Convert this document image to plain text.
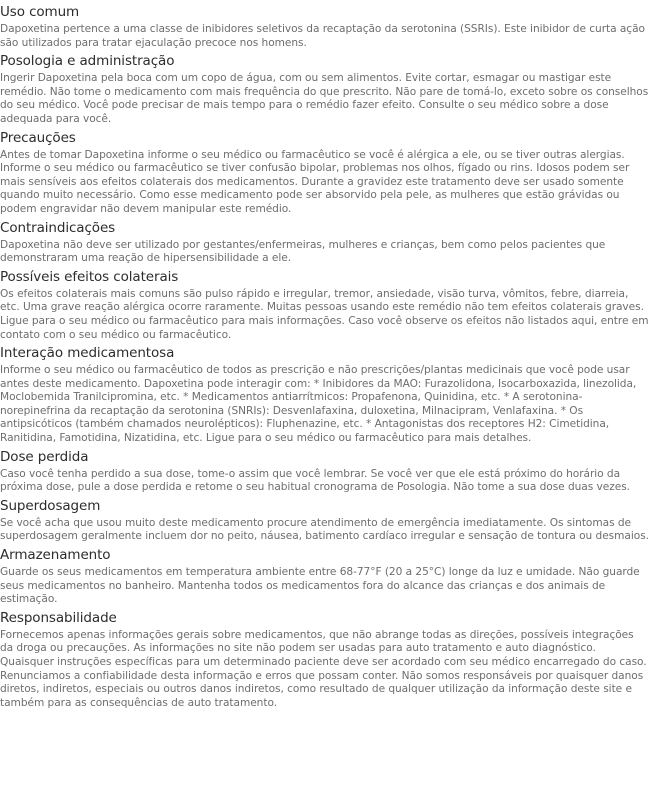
Uso comum

Dapoxetina pertence a uma classe de inibidores seletivos da recaptação da serotonina (SSRIs). Este inibidor de curta ação são utilizados para tratar ejaculação precoce nos homens.

Posologia e administração

Ingerir Dapoxetina pela boca com um copo de água, com ou sem alimentos. Evite cortar, esmagar ou mastigar este remédio. Não tome o medicamento com mais frequência do que prescrito. Não pare de tomá-lo, exceto sobre os conselhos do seu médico. Você pode precisar de mais tempo para o remédio fazer efeito. Consulte o seu médico sobre a dose adequada para você.

Precauções

Antes de tomar Dapoxetina informe o seu médico ou farmacêutico se você é alérgica a ele, ou se tiver outras alergias. Informe o seu médico ou farmacêutico se tiver confusão bipolar, problemas nos olhos, fígado ou rins. Idosos podem ser mais sensíveis aos efeitos colaterais dos medicamentos. Durante a gravidez este tratamento deve ser usado somente quando muito necessário. Como esse medicamento pode ser absorvido pela pele, as mulheres que estão grávidas ou podem engravidar não devem manipular este remédio.

Contraindicações

Dapoxetina não deve ser utilizado por gestantes/enfermeiras, mulheres e crianças, bem como pelos pacientes que demonstraram uma reação de hipersensibilidade a ele.

Possíveis efeitos colaterais

Os efeitos colaterais mais comuns são pulso rápido e irregular, tremor, ansiedade, visão turva, vômitos, febre, diarreia, etc. Uma grave reação alérgica ocorre raramente. Muitas pessoas usando este remédio não tem efeitos colaterais graves. Ligue para o seu médico ou farmacêutico para mais informações. Caso você observe os efeitos não listados aqui, entre em contato com o seu médico ou farmacêutico.

Interação medicamentosa

Informe o seu médico ou farmacêutico de todos as prescrição e não prescrições/plantas medicinais que você pode usar antes deste medicamento. Dapoxetina pode interagir com: * Inibidores da MAO: Furazolidona, Isocarboxazida, linezolida, Moclobemida Tranilcipromina, etc. * Medicamentos antiarrítmicos: Propafenona, Quinidina, etc. * A serotonina-norepinefrina da recaptação da serotonina (SNRIs): Desvenlafaxina, duloxetina, Milnacipram, Venlafaxina. * Os antipsicóticos (também chamados neurolépticos): Fluphenazine, etc. * Antagonistas dos receptores H2: Cimetidina, Ranitidina, Famotidina, Nizatidina, etc. Ligue para o seu médico ou farmacêutico para mais detalhes.

Dose perdida

Caso você tenha perdido a sua dose, tome-o assim que você lembrar. Se você ver que ele está próximo do horário da próxima dose, pule a dose perdida e retome o seu habitual cronograma de Posologia. Não tome a sua dose duas vezes.

Superdosagem

Se você acha que usou muito deste medicamento procure atendimento de emergência imediatamente. Os sintomas de superdosagem geralmente incluem dor no peito, náusea, batimento cardíaco irregular e sensação de tontura ou desmaios.

Armazenamento

Guarde os seus medicamentos em temperatura ambiente entre 68-77°F (20 a 25°C) longe da luz e umidade. Não guarde seus medicamentos no banheiro. Mantenha todos os medicamentos fora do alcance das crianças e dos animais de estimação.

Responsabilidade

Fornecemos apenas informações gerais sobre medicamentos, que não abrange todas as direções, possíveis integrações da droga ou precauções. As informações no site não podem ser usadas para auto tratamento e auto diagnóstico. Quaisquer instruções específicas para um determinado paciente deve ser acordado com seu médico encarregado do caso. Renunciamos a confiabilidade desta informação e erros que possam conter. Não somos responsáveis por quaisquer danos diretos, indiretos, especiais ou outros danos indiretos, como resultado de qualquer utilização da informação deste site e também para as consequências de auto tratamento.
